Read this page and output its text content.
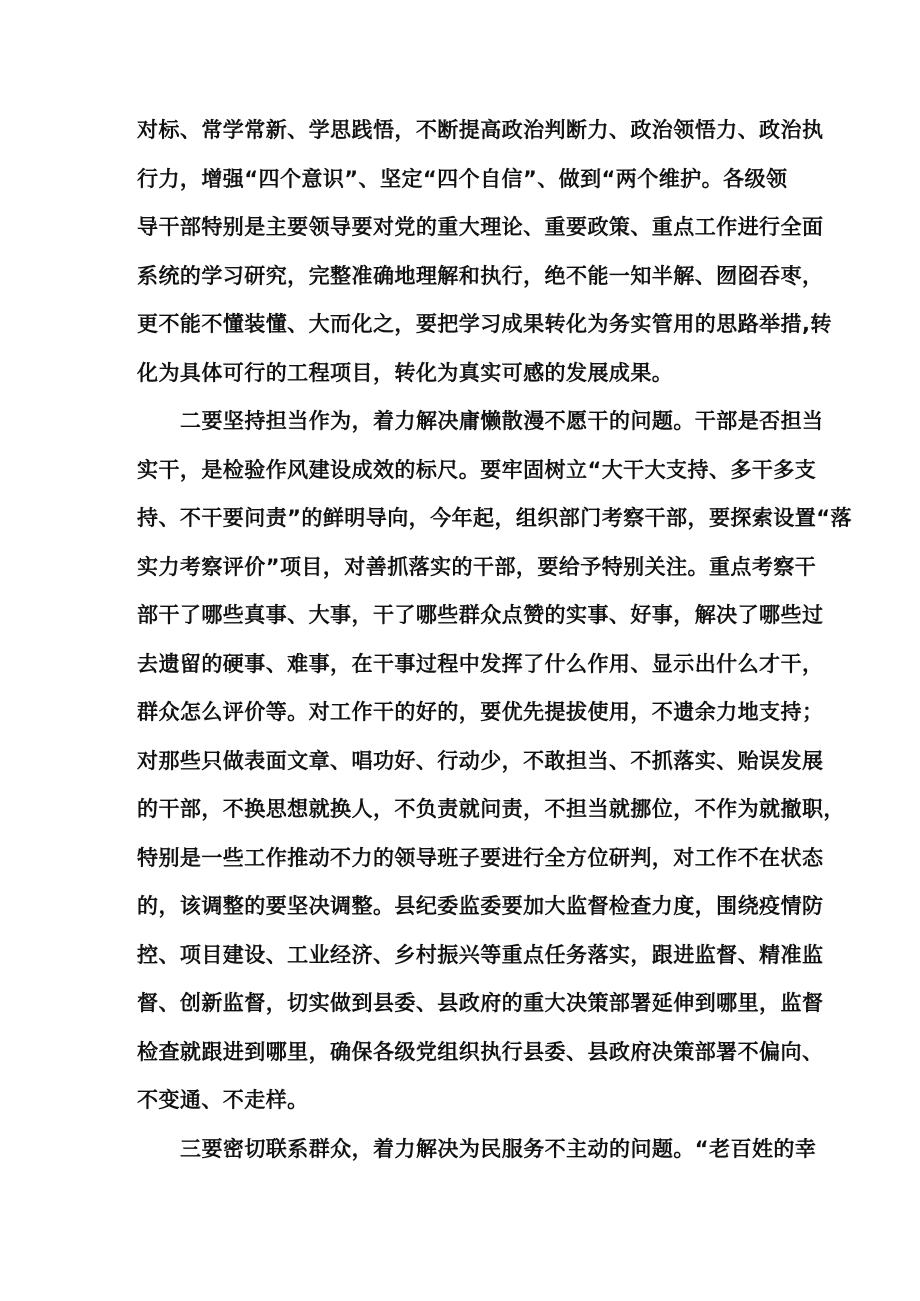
对标、常学常新、学思践悟，不断提高政治判断力、政治领悟力、政治执
行力，增强“四个意识”、坚定“四个自信”、做到“两个维护。各级领
导干部特别是主要领导要对党的重大理论、重要政策、重点工作进行全面
系统的学习研究，完整准确地理解和执行，绝不能一知半解、囫囵吞枣，
更不能不懂装懂、大而化之，要把学习成果转化为务实管用的思路举措,转
化为具体可行的工程项目，转化为真实可感的发展成果。
二要坚持担当作为，着力解决庸懒散漫不愿干的问题。干部是否担当
实干，是检验作风建设成效的标尺。要牢固树立“大干大支持、多干多支
持、不干要问责”的鲜明导向，今年起，组织部门考察干部，要探索设置“落
实力考察评价”项目，对善抓落实的干部，要给予特别关注。重点考察干
部干了哪些真事、大事，干了哪些群众点赞的实事、好事，解决了哪些过
去遗留的硬事、难事，在干事过程中发挥了什么作用、显示出什么才干，
群众怎么评价等。对工作干的好的，要优先提拔使用，不遗余力地支持；
对那些只做表面文章、唱功好、行动少，不敢担当、不抓落实、贻误发展
的干部，不换思想就换人，不负责就问责，不担当就挪位，不作为就撤职，
特别是一些工作推动不力的领导班子要进行全方位研判，对工作不在状态
的，该调整的要坚决调整。县纪委监委要加大监督检查力度，围绕疫情防
控、项目建设、工业经济、乡村振兴等重点任务落实，跟进监督、精准监
督、创新监督，切实做到县委、县政府的重大决策部署延伸到哪里，监督
检查就跟进到哪里，确保各级党组织执行县委、县政府决策部署不偏向、
不变通、不走样。
三要密切联系群众，着力解决为民服务不主动的问题。“老百姓的幸
